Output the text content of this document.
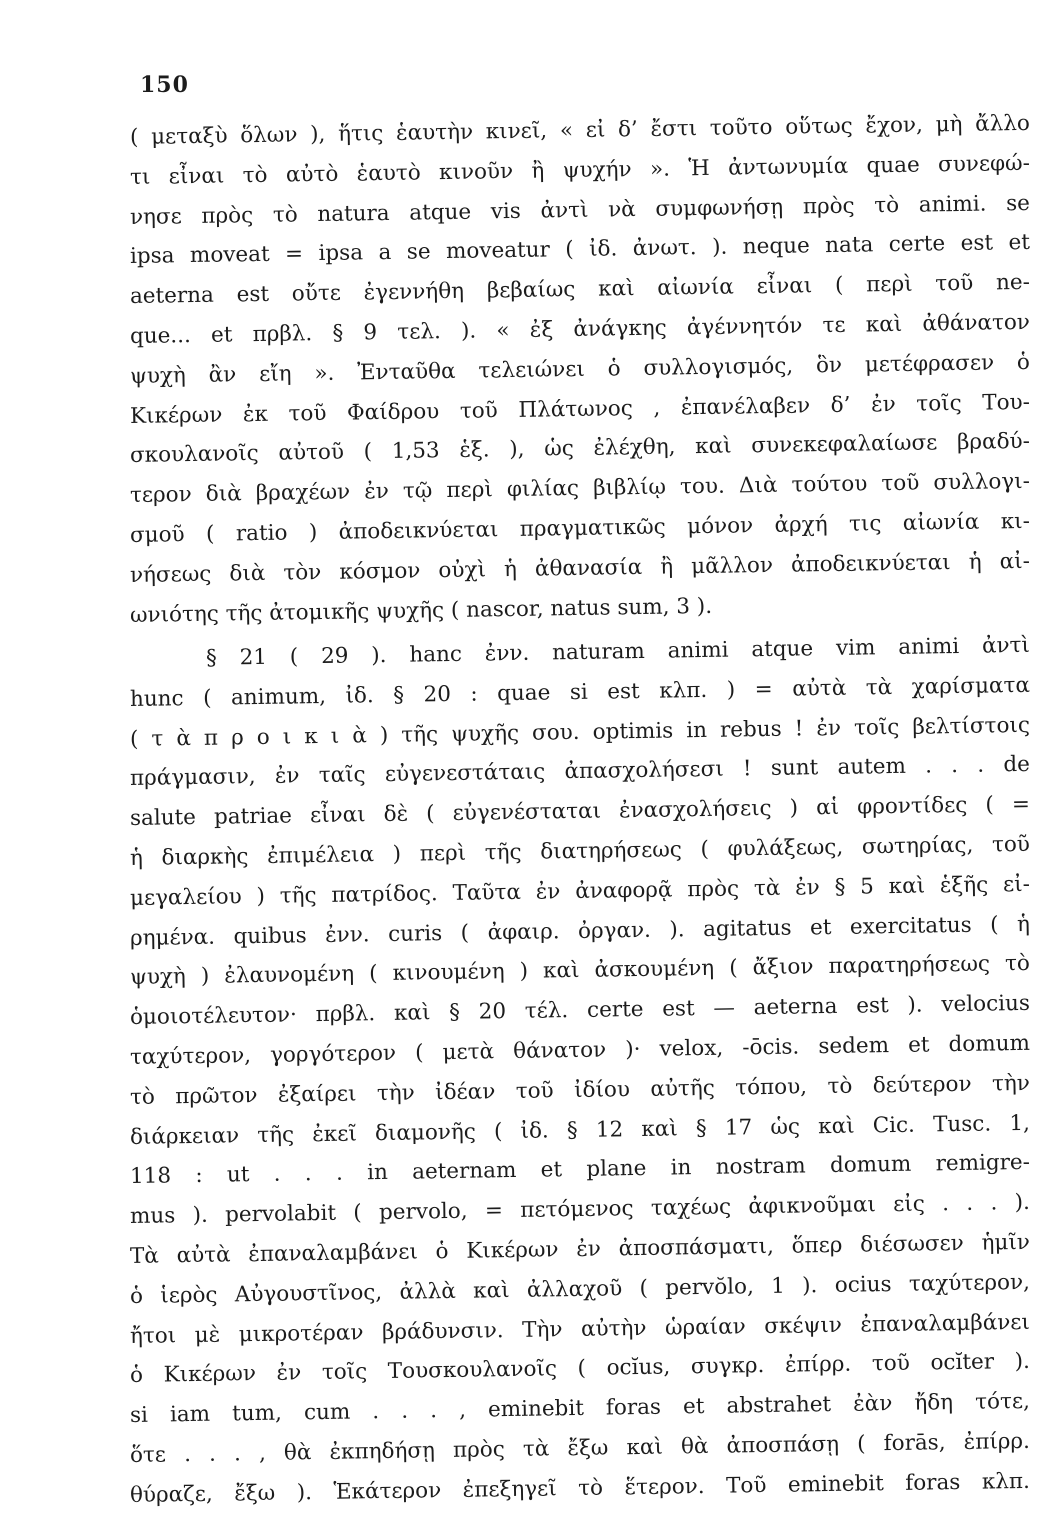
150
( μεταξὺ ὅλων ), ἥτις ἑαυτὴν κινεῖ, « εἰ δ’ ἔστι τοῦτο οὕτως ἔχον, μὴ ἄλλο
τι εἶναι τὸ αὐτὸ ἑαυτὸ κινοῦν ἢ ψυχήν ». Ἡ ἀντωνυμία quae συνεφώ-
νησε πρὸς τὸ natura atque vis ἀντὶ νὰ συμφωνήσῃ πρὸς τὸ animi. se
ipsa moveat = ipsa a se moveatur ( ἰδ. ἀνωτ. ). neque nata certe est et
aeterna est οὔτε ἐγεννήθη βεβαίως καὶ αἰωνία εἶναι ( περὶ τοῦ ne-
que... et πρβλ. § 9 τελ. ). « ἐξ ἀνάγκης ἀγέννητόν τε καὶ ἀθάνατον
ψυχὴ ἂν εἴη ». Ἐνταῦθα τελειώνει ὁ συλλογισμός, ὃν μετέφρασεν ὁ
Κικέρων ἐκ τοῦ Φαίδρου τοῦ Πλάτωνος , ἐπανέλαβεν δ’ ἐν τοῖς Του-
σκουλανοῖς αὐτοῦ ( 1,53 ἑξ. ), ὡς ἐλέχθη, καὶ συνεκεφαλαίωσε βραδύ-
τερον διὰ βραχέων ἐν τῷ περὶ φιλίας βιβλίῳ του. Διὰ τούτου τοῦ συλλογι-
σμοῦ ( ratio ) ἀποδεικνύεται πραγματικῶς μόνον ἀρχή τις αἰωνία κι-
νήσεως διὰ τὸν κόσμον οὐχὶ ἡ ἀθανασία ἢ μᾶλλον ἀποδεικνύεται ἡ αἰ-
ωνιότης τῆς ἀτομικῆς ψυχῆς ( nascor, natus sum, 3 ).
§ 21 ( 29 ). hanc ἐνν. naturam animi atque vim animi ἀντὶ
hunc ( animum, ἰδ. § 20 : quae si est κλπ. ) = αὐτὰ τὰ χαρίσματα
( τ ὰ π ρ ο ι κ ι ὰ ) τῆς ψυχῆς σου. optimis in rebus ! ἐν τοῖς βελτίστοις
πράγμασιν, ἐν ταῖς εὐγενεστάταις ἀπασχολήσεσι ! sunt autem . . . de
salute patriae εἶναι δὲ ( εὐγενέσταται ἐνασχολήσεις ) αἱ φροντίδες ( =
ἡ διαρκὴς ἐπιμέλεια ) περὶ τῆς διατηρήσεως ( φυλάξεως, σωτηρίας, τοῦ
μεγαλείου ) τῆς πατρίδος. Ταῦτα ἐν ἀναφορᾷ πρὸς τὰ ἐν § 5 καὶ ἑξῆς εἰ-
ρημένα. quibus ἐνν. curis ( ἀφαιρ. ὀργαν. ). agitatus et exercitatus ( ἡ
ψυχὴ ) ἐλαυνομένη ( κινουμένη ) καὶ ἀσκουμένη ( ἄξιον παρατηρήσεως τὸ
ὁμοιοτέλευτον· πρβλ. καὶ § 20 τέλ. certe est — aeterna est ). velocius
ταχύτερον, γοργότερον ( μετὰ θάνατον )· velox, -ōcis. sedem et domum
τὸ πρῶτον ἐξαίρει τὴν ἰδέαν τοῦ ἰδίου αὐτῆς τόπου, τὸ δεύτερον τὴν
διάρκειαν τῆς ἐκεῖ διαμονῆς ( ἰδ. § 12 καὶ § 17 ὡς καὶ Cic. Tusc. 1,
118 : ut . . . in aeternam et plane in nostram domum remigre-
mus ). pervolabit ( pervolo, = πετόμενος ταχέως ἀφικνοῦμαι εἰς . . . ).
Τὰ αὐτὰ ἐπαναλαμβάνει ὁ Κικέρων ἐν ἀποσπάσματι, ὅπερ διέσωσεν ἡμῖν
ὁ ἱερὸς Αὐγουστῖνος, ἀλλὰ καὶ ἀλλαχοῦ ( pervŏlo, 1 ). ocius ταχύτερον,
ἤτοι μὲ μικροτέραν βράδυνσιν. Τὴν αὐτὴν ὡραίαν σκέψιν ἐπαναλαμβάνει
ὁ Κικέρων ἐν τοῖς Τουσκουλανοῖς ( ocĭus, συγκρ. ἐπίρρ. τοῦ ocĭter ).
si iam tum, cum . . . , eminebit foras et abstrahet ἐὰν ἤδη τότε,
ὅτε . . . , θὰ ἐκπηδήσῃ πρὸς τὰ ἔξω καὶ θὰ ἀποσπάσῃ ( forās, ἐπίρρ.
θύραζε, ἔξω ). Ἑκάτερον ἐπεξηγεῖ τὸ ἕτερον. Τοῦ eminebit foras κλπ.
